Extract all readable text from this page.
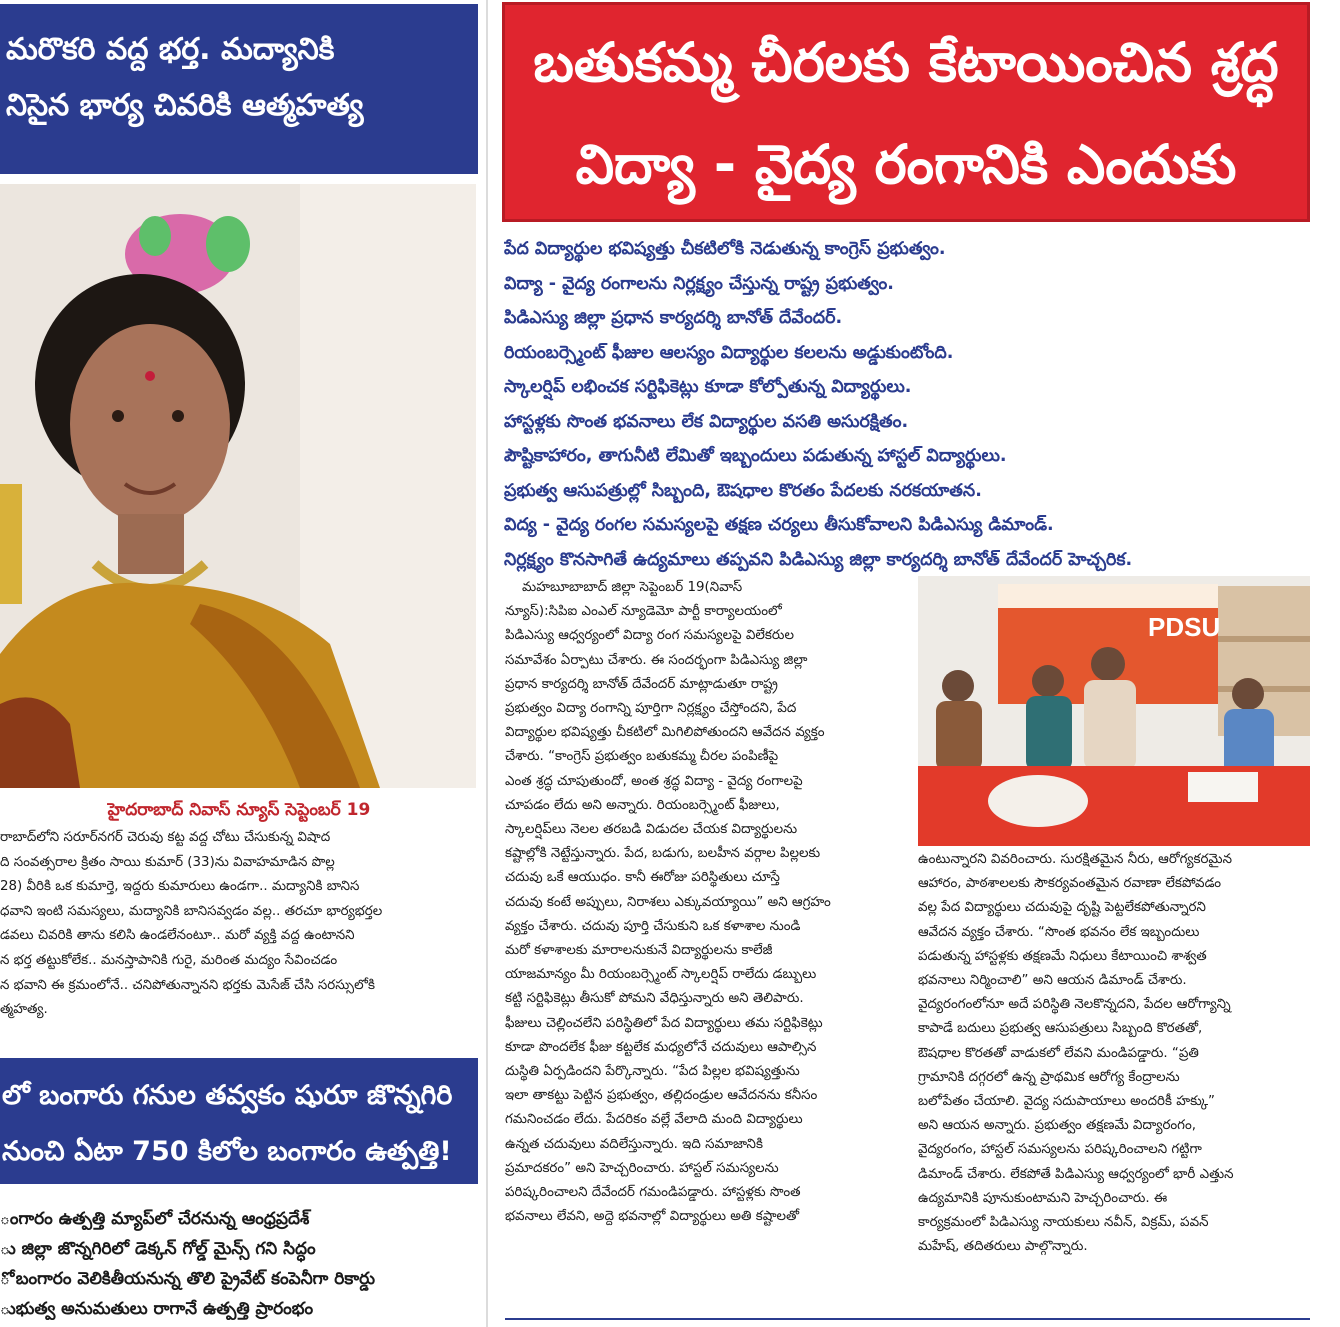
మరొకరి వద్ద భర్త. మద్యానికి
నిసైన భార్య చివరికి ఆత్మహత్య
హైదరాబాద్ నివాస్ న్యూస్ సెప్టెంబర్ 19

రాబాద్‌లోని సరూర్‌నగర్ చెరువు కట్ట వద్ద చోటు చేసుకున్న విషాద

ది సంవత్సరాల క్రితం సాయి కుమార్ (33)ను వివాహమాడిన పొల్ల

28) వీరికి ఒక కుమార్తె, ఇద్దరు కుమారులు ఉండగా.. మద్యానికి బానిస

ధవాని ఇంటి సమస్యలు, మద్యానికి బానిసవ్వడం వల్ల.. తరచూ భార్యభర్తల

డవలు చివరికి తాను కలిసి ఉండలేనంటూ.. మరో వ్యక్తి వద్ద ఉంటానని

న భర్త తట్టుకోలేక.. మనస్తాపానికి గురై, మరింత మద్యం సేవించడం

న భవాని ఈ క్రమంలోనే.. చనిపోతున్నానని భర్తకు మెసేజ్ చేసి సరస్సులోకి

త్మహత్య.

లో బంగారు గనుల తవ్వకం షురూ జొన్నగిరి
నుంచి ఏటా 750 కిలోల బంగారం ఉత్పత్తి!
ంగారం ఉత్పత్తి మ్యాప్‌లో చేరనున్న ఆంధ్రప్రదేశ్
ు జిల్లా జొన్నగిరిలో డెక్కన్ గోల్డ్ మైన్స్ గని సిద్ధం
ో బంగారం వెలికితీయనున్న తొలి ప్రైవేట్ కంపెనీగా రికార్డు
ుభుత్వ అనుమతులు రాగానే ఉత్పత్తి ప్రారంభం
బతుకమ్మ చీరలకు కేటాయించిన శ్రద్ధ
విద్యా - వైద్య రంగానికి ఎందుకు లేదు?
పేద విద్యార్థుల భవిష్యత్తు చీకటిలోకి నెడుతున్న కాంగ్రెస్ ప్రభుత్వం.
విద్యా - వైద్య రంగాలను నిర్లక్ష్యం చేస్తున్న రాష్ట్ర ప్రభుత్వం.
పిడిఎస్యు జిల్లా ప్రధాన కార్యదర్శి బానోత్ దేవేందర్.
రియంబర్స్మెంట్ ఫీజుల ఆలస్యం విద్యార్థుల కలలను అడ్డుకుంటోంది.
స్కాలర్షిప్ లభించక సర్టిఫికెట్లు కూడా కోల్పోతున్న విద్యార్థులు.
హాస్టళ్లకు సొంత భవనాలు లేక విద్యార్థుల వసతి అసురక్షితం.
పౌష్టికాహారం, తాగునీటి లేమితో ఇబ్బందులు పడుతున్న హాస్టల్ విద్యార్థులు.
ప్రభుత్వ ఆసుపత్రుల్లో సిబ్బంది, ఔషధాల కొరతం పేదలకు నరకయాతన.
విద్య - వైద్య రంగల సమస్యలపై తక్షణ చర్యలు తీసుకోవాలని పిడిఎస్యు డిమాండ్.
నిర్లక్ష్యం కొనసాగితే ఉద్యమాలు తప్పవని పిడిఎస్యు జిల్లా కార్యదర్శి బానోత్ దేవేందర్ హెచ్చరిక.

మహబూబాబాద్ జిల్లా సెప్టెంబర్ 19(నివాస్

న్యూస్):సిపిఐ ఎంఎల్ న్యూడెమో పార్టీ కార్యాలయంలో

పిడిఎస్యు ఆధ్వర్యంలో విద్యా రంగ సమస్యలపై విలేకరుల

సమావేశం ఏర్పాటు చేశారు. ఈ సందర్భంగా పిడిఎస్యు జిల్లా

ప్రధాన కార్యదర్శి బానోత్ దేవేందర్ మాట్లాడుతూ రాష్ట్ర

ప్రభుత్వం విద్యా రంగాన్ని పూర్తిగా నిర్లక్ష్యం చేస్తోందని, పేద

విద్యార్థుల భవిష్యత్తు చీకటిలో మిగిలిపోతుందని ఆవేదన వ్యక్తం

చేశారు. “కాంగ్రెస్ ప్రభుత్వం బతుకమ్మ చీరల పంపిణీపై

ఎంత శ్రద్ధ చూపుతుందో, అంత శ్రద్ధ విద్యా - వైద్య రంగాలపై

చూపడం లేదు అని అన్నారు. రియంబర్స్మెంట్ ఫీజులు,

స్కాలర్షిప్‌లు నెలల తరబడి విడుదల చేయక విద్యార్థులను

కష్టాల్లోకి నెట్టేస్తున్నారు. పేద, బడుగు, బలహీన వర్గాల పిల్లలకు

చదువు ఒకే ఆయుధం. కానీ ఈరోజు పరిస్థితులు చూస్తే

చదువు కంటే అప్పులు, నిరాశలు ఎక్కువయ్యాయి” అని ఆగ్రహం

వ్యక్తం చేశారు. చదువు పూర్తి చేసుకుని ఒక కళాశాల నుండి

మరో కళాశాలకు మారాలనుకునే విద్యార్థులను కాలేజీ

యాజమాన్యం మీ రియంబర్స్మెంట్ స్కాలర్షిప్ రాలేదు డబ్బులు

కట్టి సర్టిఫికెట్లు తీసుకో పోమని వేధిస్తున్నారు అని తెలిపారు.

ఫీజులు చెల్లించలేని పరిస్థితిలో పేద విద్యార్థులు తమ సర్టిఫికెట్లు

కూడా పొందలేక ఫీజు కట్టలేక మధ్యలోనే చదువులు ఆపాల్సిన

దుస్థితి ఏర్పడిందని పేర్కొన్నారు. “పేద పిల్లల భవిష్యత్తును

ఇలా తాకట్టు పెట్టిన ప్రభుత్వం, తల్లిదండ్రుల ఆవేదనను కనీసం

గమనించడం లేదు. పేదరికం వల్లే వేలాది మంది విద్యార్థులు

ఉన్నత చదువులు వదిలేస్తున్నారు. ఇది సమాజానికి

ప్రమాదకరం” అని హెచ్చరించారు. హాస్టల్ సమస్యలను

పరిష్కరించాలని దేవేందర్ గమండిపడ్డారు. హాస్టళ్లకు సొంత

భవనాలు లేవని, అద్దె భవనాల్లో విద్యార్థులు అతి కష్టాలతో

PDSU

ఉంటున్నారని వివరించారు. సురక్షితమైన నీరు, ఆరోగ్యకరమైన

ఆహారం, పాఠశాలలకు సౌకర్యవంతమైన రవాణా లేకపోవడం

వల్ల పేద విద్యార్థులు చదువుపై దృష్టి పెట్టలేకపోతున్నారని

ఆవేదన వ్యక్తం చేశారు. “సొంత భవనం లేక ఇబ్బందులు

పడుతున్న హాస్టళ్లకు తక్షణమే నిధులు కేటాయించి శాశ్వత

భవనాలు నిర్మించాలి” అని ఆయన డిమాండ్ చేశారు.

వైద్యరంగంలోనూ అదే పరిస్థితి నెలకొన్నదని, పేదల ఆరోగ్యాన్ని

కాపాడే బదులు ప్రభుత్వ ఆసుపత్రులు సిబ్బంది కొరతతో,

ఔషధాల కొరతతో వాడుకలో లేవని మండిపడ్డారు. “ప్రతి

గ్రామానికి దగ్గరలో ఉన్న ప్రాథమిక ఆరోగ్య కేంద్రాలను

బలోపేతం చేయాలి. వైద్య సదుపాయాలు అందరికీ హక్కు”

అని ఆయన అన్నారు. ప్రభుత్వం తక్షణమే విద్యారంగం,

వైద్యరంగం, హాస్టల్ సమస్యలను పరిష్కరించాలని గట్టిగా

డిమాండ్ చేశారు. లేకపోతే పిడిఎస్యు ఆధ్వర్యంలో భారీ ఎత్తున

ఉద్యమానికి పూనుకుంటామని హెచ్చరించారు. ఈ

కార్యక్రమంలో పిడిఎస్యు నాయకులు నవీన్, విక్రమ్, పవన్

మహేష్, తదితరులు పాల్గొన్నారు.
